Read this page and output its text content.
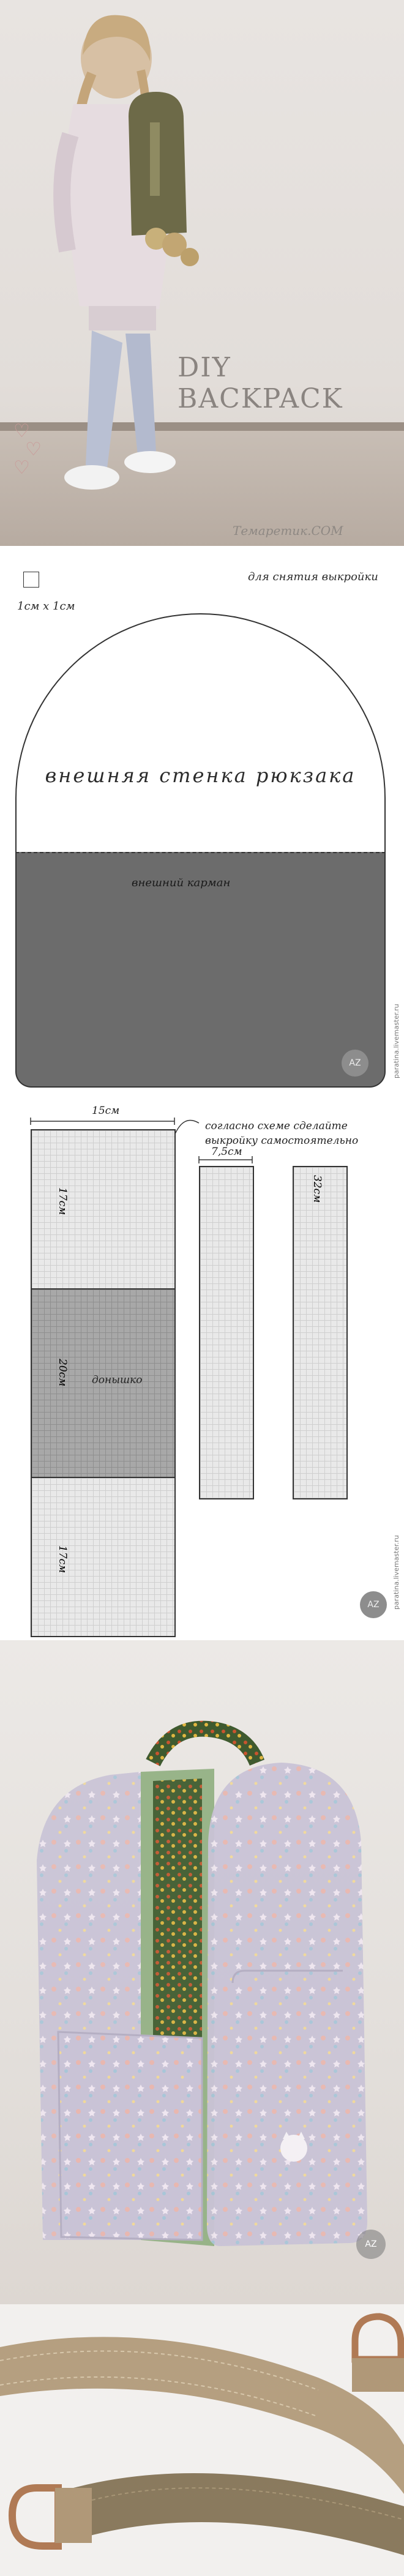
DIY BACKPACK
♡
♡
♡
Темаретик.COM
1см х 1см
для снятия выкройки
внешняя стенка рюкзака
внешний карман
AZ	paratina.livemaster.ru
15см
17см
20см донышко
17см
согласно схеме сделайте
выкройку самостоятельно
7,5см
32см
AZ	paratina.livemaster.ru
AZ
